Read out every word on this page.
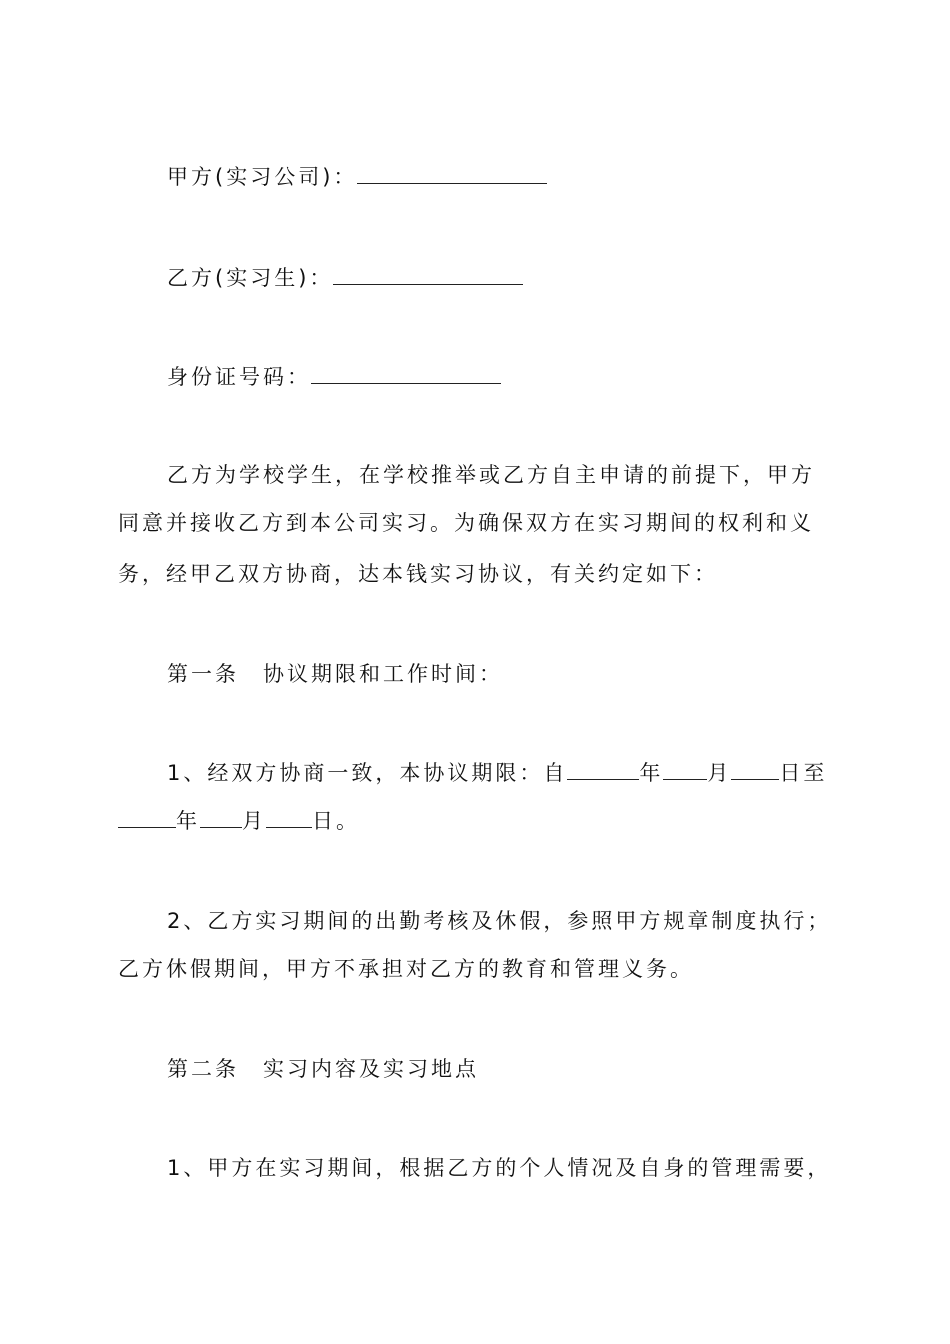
甲方(实习公司)：
乙方(实习生)：
身份证号码：
乙方为学校学生，在学校推举或乙方自主申请的前提下，甲方
同意并接收乙方到本公司实习。为确保双方在实习期间的权利和义
务，经甲乙双方协商，达本钱实习协议，有关约定如下：
第一条　协议期限和工作时间：
1、经双方协商一致，本协议期限：自	年 月 日至
年 月 日。
2、乙方实习期间的出勤考核及休假，参照甲方规章制度执行；
乙方休假期间，甲方不承担对乙方的教育和管理义务。
第二条　实习内容及实习地点
1、甲方在实习期间，根据乙方的个人情况及自身的管理需要，
